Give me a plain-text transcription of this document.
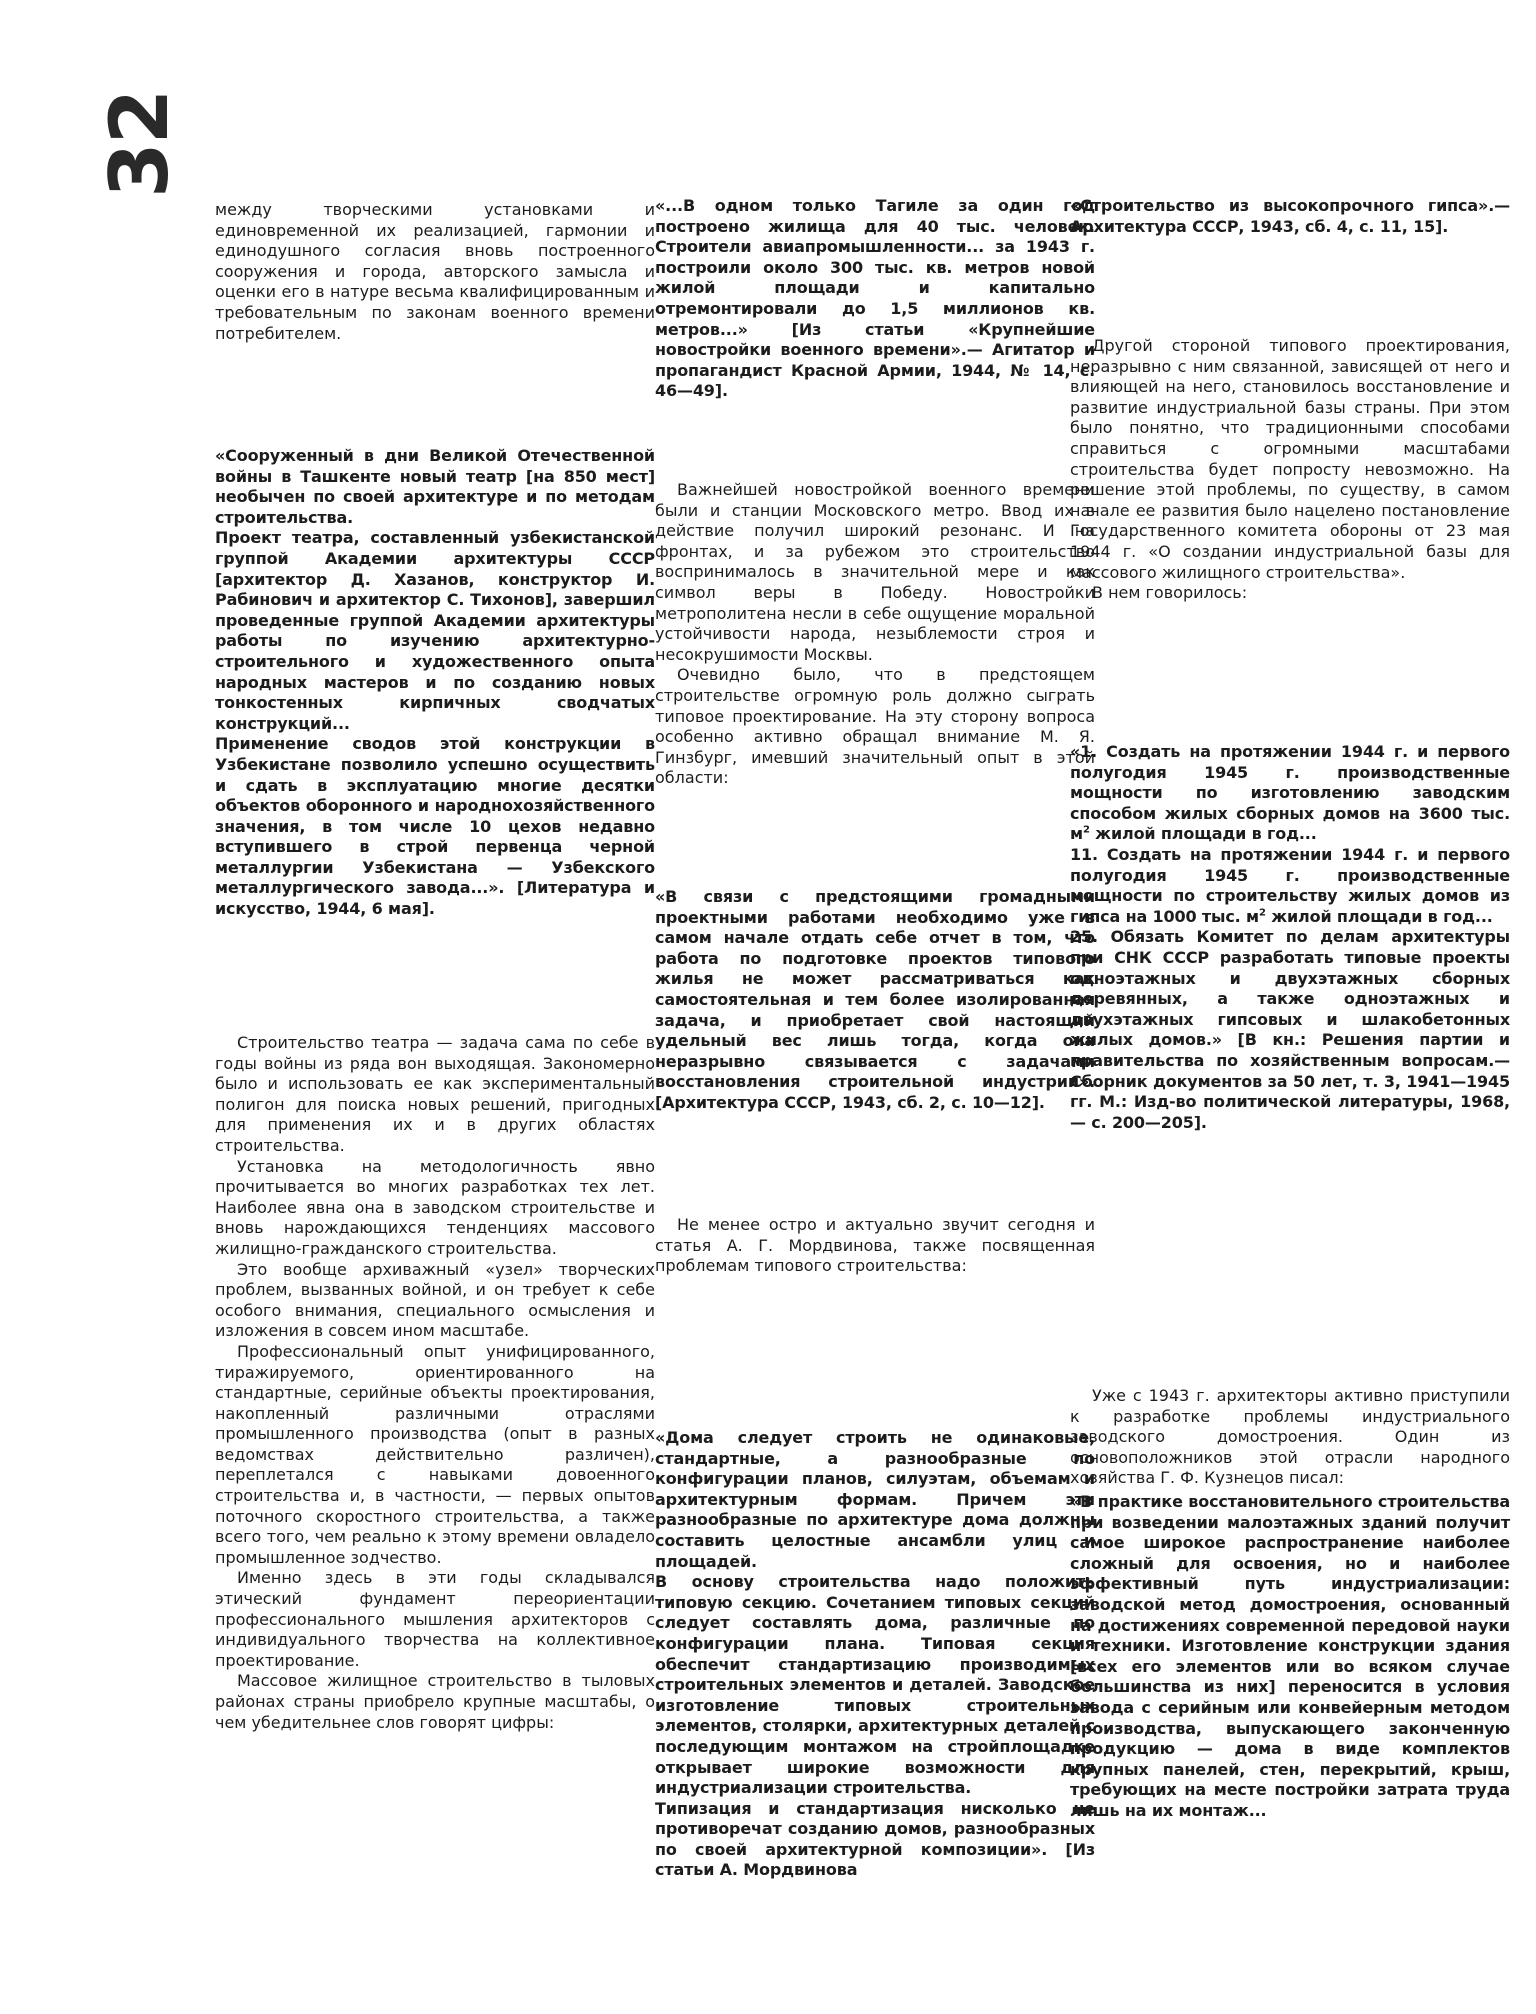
32

между творческими установками и единовременной их реализацией, гармонии и единодушного согласия вновь построенного сооружения и города, авторского замысла и оценки его в натуре весьма квалифицированным и требовательным по законам военного времени потребителем.

«Сооруженный в дни Великой Отечественной войны в Ташкенте новый театр [на 850 мест] необычен по своей архитектуре и по методам строительства.

Проект театра, составленный узбекистанской группой Академии архитектуры СССР [архитектор Д. Хазанов, конструктор И. Рабинович и архитектор С. Тихонов], завершил проведенные группой Академии архитектуры работы по изучению архитектурно-строительного и художественного опыта народных мастеров и по созданию новых тонкостенных кирпичных сводчатых конструкций...

Применение сводов этой конструкции в Узбекистане позволило успешно осуществить и сдать в эксплуатацию многие десятки объектов оборонного и народнохозяйственного значения, в том числе 10 цехов недавно вступившего в строй первенца черной металлургии Узбекистана — Узбекского металлургического завода...». [Литература и искусство, 1944, 6 мая].

Строительство театра — задача сама по себе в годы войны из ряда вон выходящая. Закономерно было и использовать ее как экспериментальный полигон для поиска новых решений, пригодных для применения их и в других областях строительства.

Установка на методологичность явно прочитывается во многих разработках тех лет. Наиболее явна она в заводском строительстве и вновь нарождающихся тенденциях массового жилищно-гражданского строительства.

Это вообще архиважный «узел» творческих проблем, вызванных войной, и он требует к себе особого внимания, специального осмысления и изложения в совсем ином масштабе.

Профессиональный опыт унифицированного, тиражируемого, ориентированного на стандартные, серийные объекты проектирования, накопленный различными отраслями промышленного производства (опыт в разных ведомствах действительно различен), переплетался с навыками довоенного строительства и, в частности, — первых опытов поточного скоростного строительства, а также всего того, чем реально к этому времени овладело промышленное зодчество.

Именно здесь в эти годы складывался этический фундамент переориентации профессионального мышления архитекторов с индивидуального творчества на коллективное проектирование.

Массовое жилищное строительство в тыловых районах страны приобрело крупные масштабы, о чем убедительнее слов говорят цифры:

«...В одном только Тагиле за один год построено жилища для 40 тыс. человек. Строители авиапромышленности... за 1943 г. построили около 300 тыс. кв. метров новой жилой площади и капитально отремонтировали до 1,5 миллионов кв. метров...» [Из статьи «Крупнейшие новостройки военного времени».— Агитатор и пропагандист Красной Армии, 1944, № 14, с. 46—49].

Важнейшей новостройкой военного времени были и станции Московского метро. Ввод их в действие получил широкий резонанс. И на фронтах, и за рубежом это строительство воспринималось в значительной мере и как символ веры в Победу. Новостройки метрополитена несли в себе ощущение моральной устойчивости народа, незыблемости строя и несокрушимости Москвы.

Очевидно было, что в предстоящем строительстве огромную роль должно сыграть типовое проектирование. На эту сторону вопроса особенно активно обращал внимание М. Я. Гинзбург, имевший значительный опыт в этой области:

«В связи с предстоящими громадными проектными работами необходимо уже в самом начале отдать себе отчет в том, что работа по подготовке проектов типового жилья не может рассматриваться как самостоятельная и тем более изолированная задача, и приобретает свой настоящий удельный вес лишь тогда, когда она неразрывно связывается с задачами восстановления строительной индустрии». [Архитектура СССР, 1943, сб. 2, с. 10—12].

Не менее остро и актуально звучит сегодня и статья А. Г. Мордвинова, также посвященная проблемам типового строительства:

«Дома следует строить не одинаковые, стандартные, а разнообразные по конфигурации планов, силуэтам, объемам и архитектурным формам. Причем эти разнообразные по архитектуре дома должны составить целостные ансамбли улиц и площадей.

В основу строительства надо положить типовую секцию. Сочетанием типовых секций следует составлять дома, различные по конфигурации плана. Типовая секция обеспечит стандартизацию производимых строительных элементов и деталей. Заводское изготовление типовых строительных элементов, столярки, архитектурных деталей с последующим монтажом на стройплощадке открывает широкие возможности для индустриализации строительства.

Типизация и стандартизация нисколько не противоречат созданию домов, разнообразных по своей архитектурной композиции». [Из статьи А. Мордвинова

«Строительство из высокопрочного гипса».— Архитектура СССР, 1943, сб. 4, с. 11, 15].

Другой стороной типового проектирования, неразрывно с ним связанной, зависящей от него и влияющей на него, становилось восстановление и развитие индустриальной базы страны. При этом было понятно, что традиционными способами справиться с огромными масштабами строительства будет попросту невозможно. На решение этой проблемы, по существу, в самом начале ее развития было нацелено постановление Государственного комитета обороны от 23 мая 1944 г. «О создании индустриальной базы для массового жилищного строительства».

В нем говорилось:

«1. Создать на протяжении 1944 г. и первого полугодия 1945 г. производственные мощности по изготовлению заводским способом жилых сборных домов на 3600 тыс. $м^2$ жилой площади в год...

11. Создать на протяжении 1944 г. и первого полугодия 1945 г. производственные мощности по строительству жилых домов из гипса на 1000 тыс. $м^2$ жилой площади в год...

25. Обязать Комитет по делам архитектуры при СНК СССР разработать типовые проекты одноэтажных и двухэтажных сборных деревянных, а также одноэтажных и двухэтажных гипсовых и шлакобетонных жилых домов.» [В кн.: Решения партии и правительства по хозяйственным вопросам.— Сборник документов за 50 лет, т. 3, 1941—1945 гг. М.: Изд-во политической литературы, 1968,— с. 200—205].

Уже с 1943 г. архитекторы активно приступили к разработке проблемы индустриального заводского домостроения. Один из основоположников этой отрасли народного хозяйства Г. Ф. Кузнецов писал:

«В практике восстановительного строительства при возведении малоэтажных зданий получит самое широкое распространение наиболее сложный для освоения, но и наиболее эффективный путь индустриализации: заводской метод домостроения, основанный на достижениях современной передовой науки и техники. Изготовление конструкции здания [всех его элементов или во всяком случае большинства из них] переносится в условия завода с серийным или конвейерным методом производства, выпускающего законченную продукцию — дома в виде комплектов крупных панелей, стен, перекрытий, крыш, требующих на месте постройки затрата труда лишь на их монтаж...
